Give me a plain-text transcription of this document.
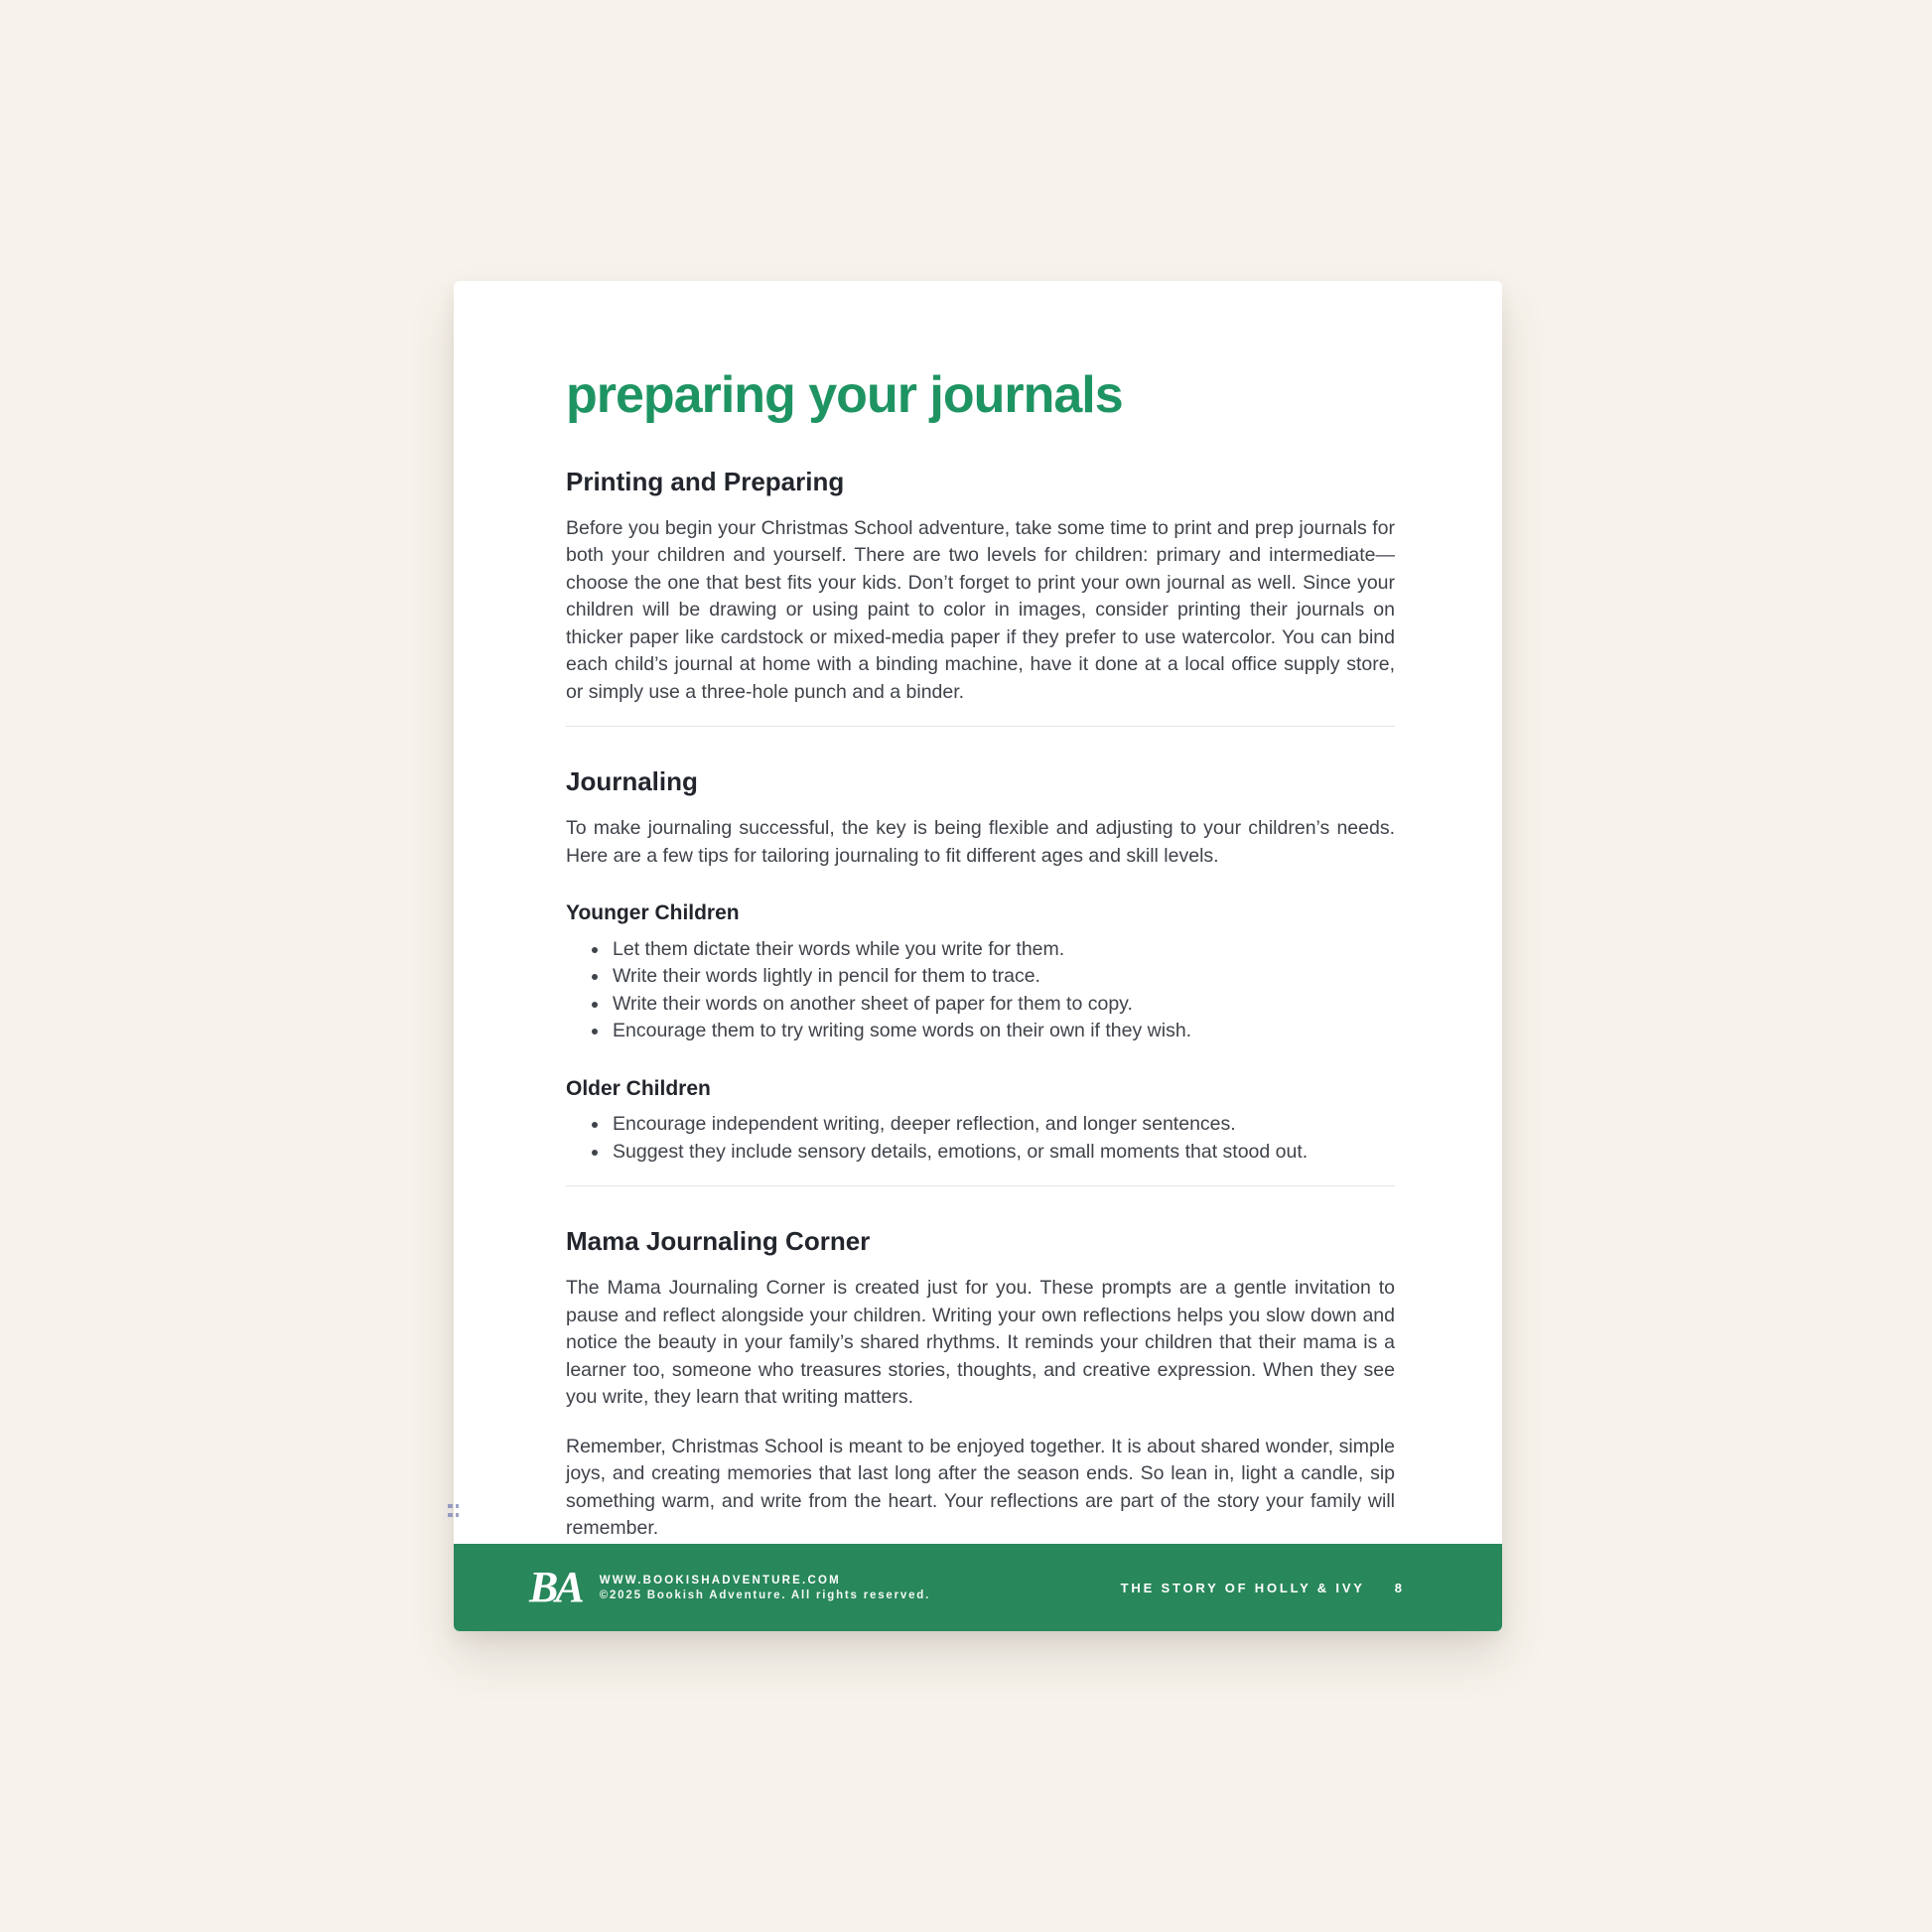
preparing your journals
Printing and Preparing

Before you begin your Christmas School adventure, take some time to print and prep journals for both your children and yourself. There are two levels for children: primary and intermediate—choose the one that best fits your kids. Don’t forget to print your own journal as well. Since your children will be drawing or using paint to color in images, consider printing their journals on thicker paper like cardstock or mixed-media paper if they prefer to use watercolor. You can bind each child’s journal at home with a binding machine, have it done at a local office supply store, or simply use a three-hole punch and a binder.

Journaling

To make journaling successful, the key is being flexible and adjusting to your children’s needs. Here are a few tips for tailoring journaling to fit different ages and skill levels.

Younger Children
• Let them dictate their words while you write for them.
• Write their words lightly in pencil for them to trace.
• Write their words on another sheet of paper for them to copy.
• Encourage them to try writing some words on their own if they wish.
Older Children
• Encourage independent writing, deeper reflection, and longer sentences.
• Suggest they include sensory details, emotions, or small moments that stood out.
Mama Journaling Corner

The Mama Journaling Corner is created just for you. These prompts are a gentle invitation to pause and reflect alongside your children. Writing your own reflections helps you slow down and notice the beauty in your family’s shared rhythms. It reminds your children that their mama is a learner too, someone who treasures stories, thoughts, and creative expression. When they see you write, they learn that writing matters.

Remember, Christmas School is meant to be enjoyed together. It is about shared wonder, simple joys, and creating memories that last long after the season ends. So lean in, light a candle, sip something warm, and write from the heart. Your reflections are part of the story your family will remember.

BA WWW.BOOKISHADVENTURE.COM
©2025 Bookish Adventure. All rights reserved.	THE STORY OF HOLLY & IVY 8
